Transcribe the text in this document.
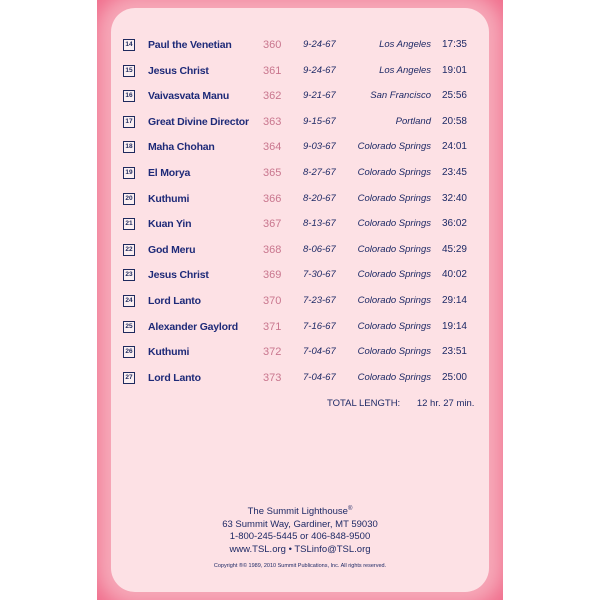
14 Paul the Venetian	360 9-24-67	Los Angeles 17:35
15 Jesus Christ	361 9-24-67	Los Angeles 19:01
16 Vaivasvata Manu	362 9-21-67	San Francisco 25:56
17 Great Divine Director 363 9-15-67	Portland 20:58
18 Maha Chohan	364 9-03-67 Colorado Springs 24:01
19 El Morya	365 8-27-67 Colorado Springs 23:45
20 Kuthumi	366 8-20-67 Colorado Springs 32:40
21 Kuan Yin	367 8-13-67 Colorado Springs 36:02
22 God Meru	368 8-06-67 Colorado Springs 45:29
23 Jesus Christ	369 7-30-67 Colorado Springs 40:02
24 Lord Lanto	370 7-23-67 Colorado Springs 29:14
25 Alexander Gaylord 371 7-16-67 Colorado Springs 19:14
26 Kuthumi	372 7-04-67 Colorado Springs 23:51
27 Lord Lanto	373 7-04-67 Colorado Springs 25:00
TOTAL LENGTH: 12 hr. 27 min.
The Summit Lighthouse®
63 Summit Way, Gardiner, MT 59030
1-800-245-5445 or 406-848-9500
www.TSL.org • TSLinfo@TSL.org
Copyright ®© 1989, 2010 Summit Publications, Inc. All rights reserved.
